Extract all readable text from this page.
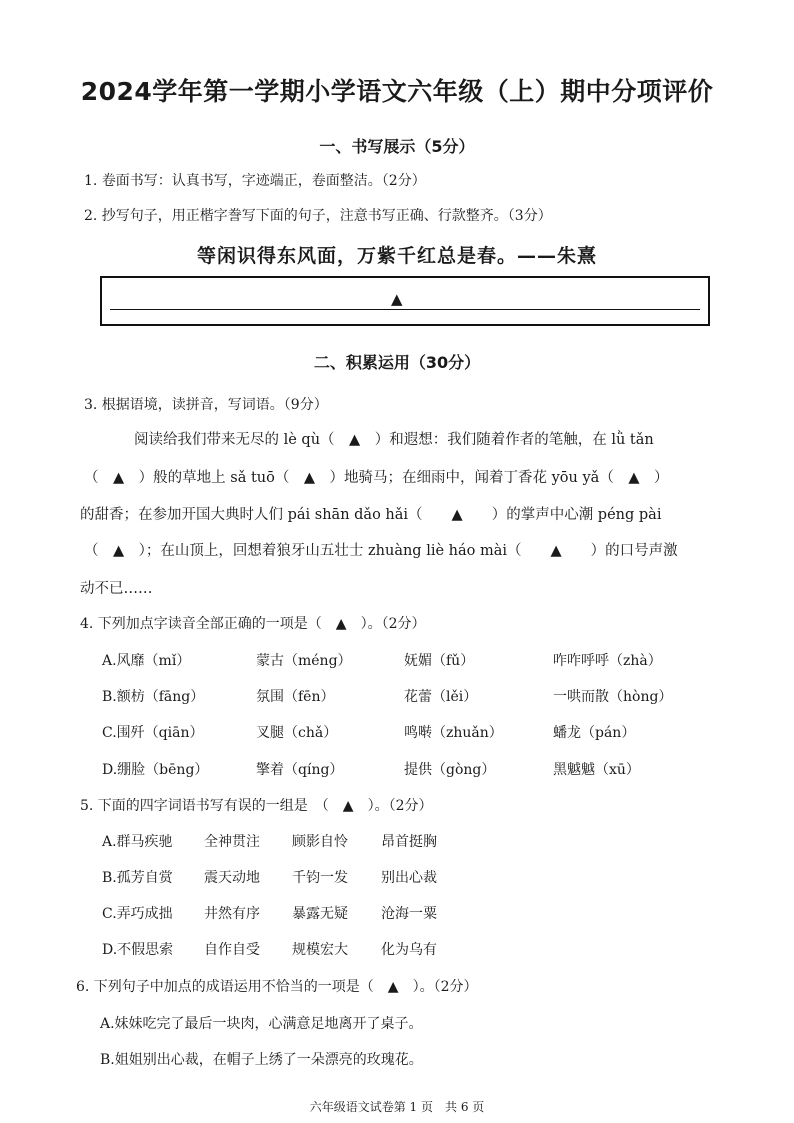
2024学年第一学期小学语文六年级（上）期中分项评价
一、书写展示（5分）
1. 卷面书写：认真书写，字迹端正，卷面整洁。（2分）
2. 抄写句子，用正楷字誊写下面的句子，注意书写正确、行款整齐。（3分）
等闲识得东风面，万紫千红总是春。——朱熹
▲
二、积累运用（30分）
3. 根据语境，读拼音，写词语。（9分）
阅读给我们带来无尽的 lè qù（　▲　）和遐想：我们随着作者的笔触，在 lǜ tǎn
（　▲　）般的草地上 sǎ tuō（　▲　）地骑马；在细雨中，闻着丁香花 yōu yǎ（　▲　）
的甜香；在参加开国大典时人们 pái shān dǎo hǎi（　　▲　　）的掌声中心潮 péng pài
（　▲　）；在山顶上，回想着狼牙山五壮士 zhuàng liè háo mài（　　▲　　）的口号声激
动不已……
4. 下列加点字读音全部正确的一项是（　▲　）。（2分）
A.风靡（mǐ）	蒙古（méng）	妩媚（fǔ）	咋咋呼呼（zhà）
B.额枋（fāng）	氛围（fēn）	花蕾（lěi）	一哄而散（hòng）
C.围歼（qiān）	叉腿（chǎ）	鸣啭（zhuǎn）	蟠龙（pán）
D.绷脸（bēng）	擎着（qíng）	提供（gòng）	黑魆魆（xū）
5. 下面的四字词语书写有误的一组是　（　▲　）。（2分）
A.群马疾驰 全神贯注 顾影自怜 昂首挺胸
B.孤芳自赏 震天动地 千钧一发 别出心裁
C.弄巧成拙 井然有序 暴露无疑 沧海一粟
D.不假思索 自作自受 规模宏大 化为乌有
6. 下列句子中加点的成语运用不恰当的一项是（　▲　）。（2分）
A.妹妹吃完了最后一块肉，心满意足地离开了桌子。
B.姐姐别出心裁，在帽子上绣了一朵漂亮的玫瑰花。
六年级语文试卷第 1 页　共 6 页
